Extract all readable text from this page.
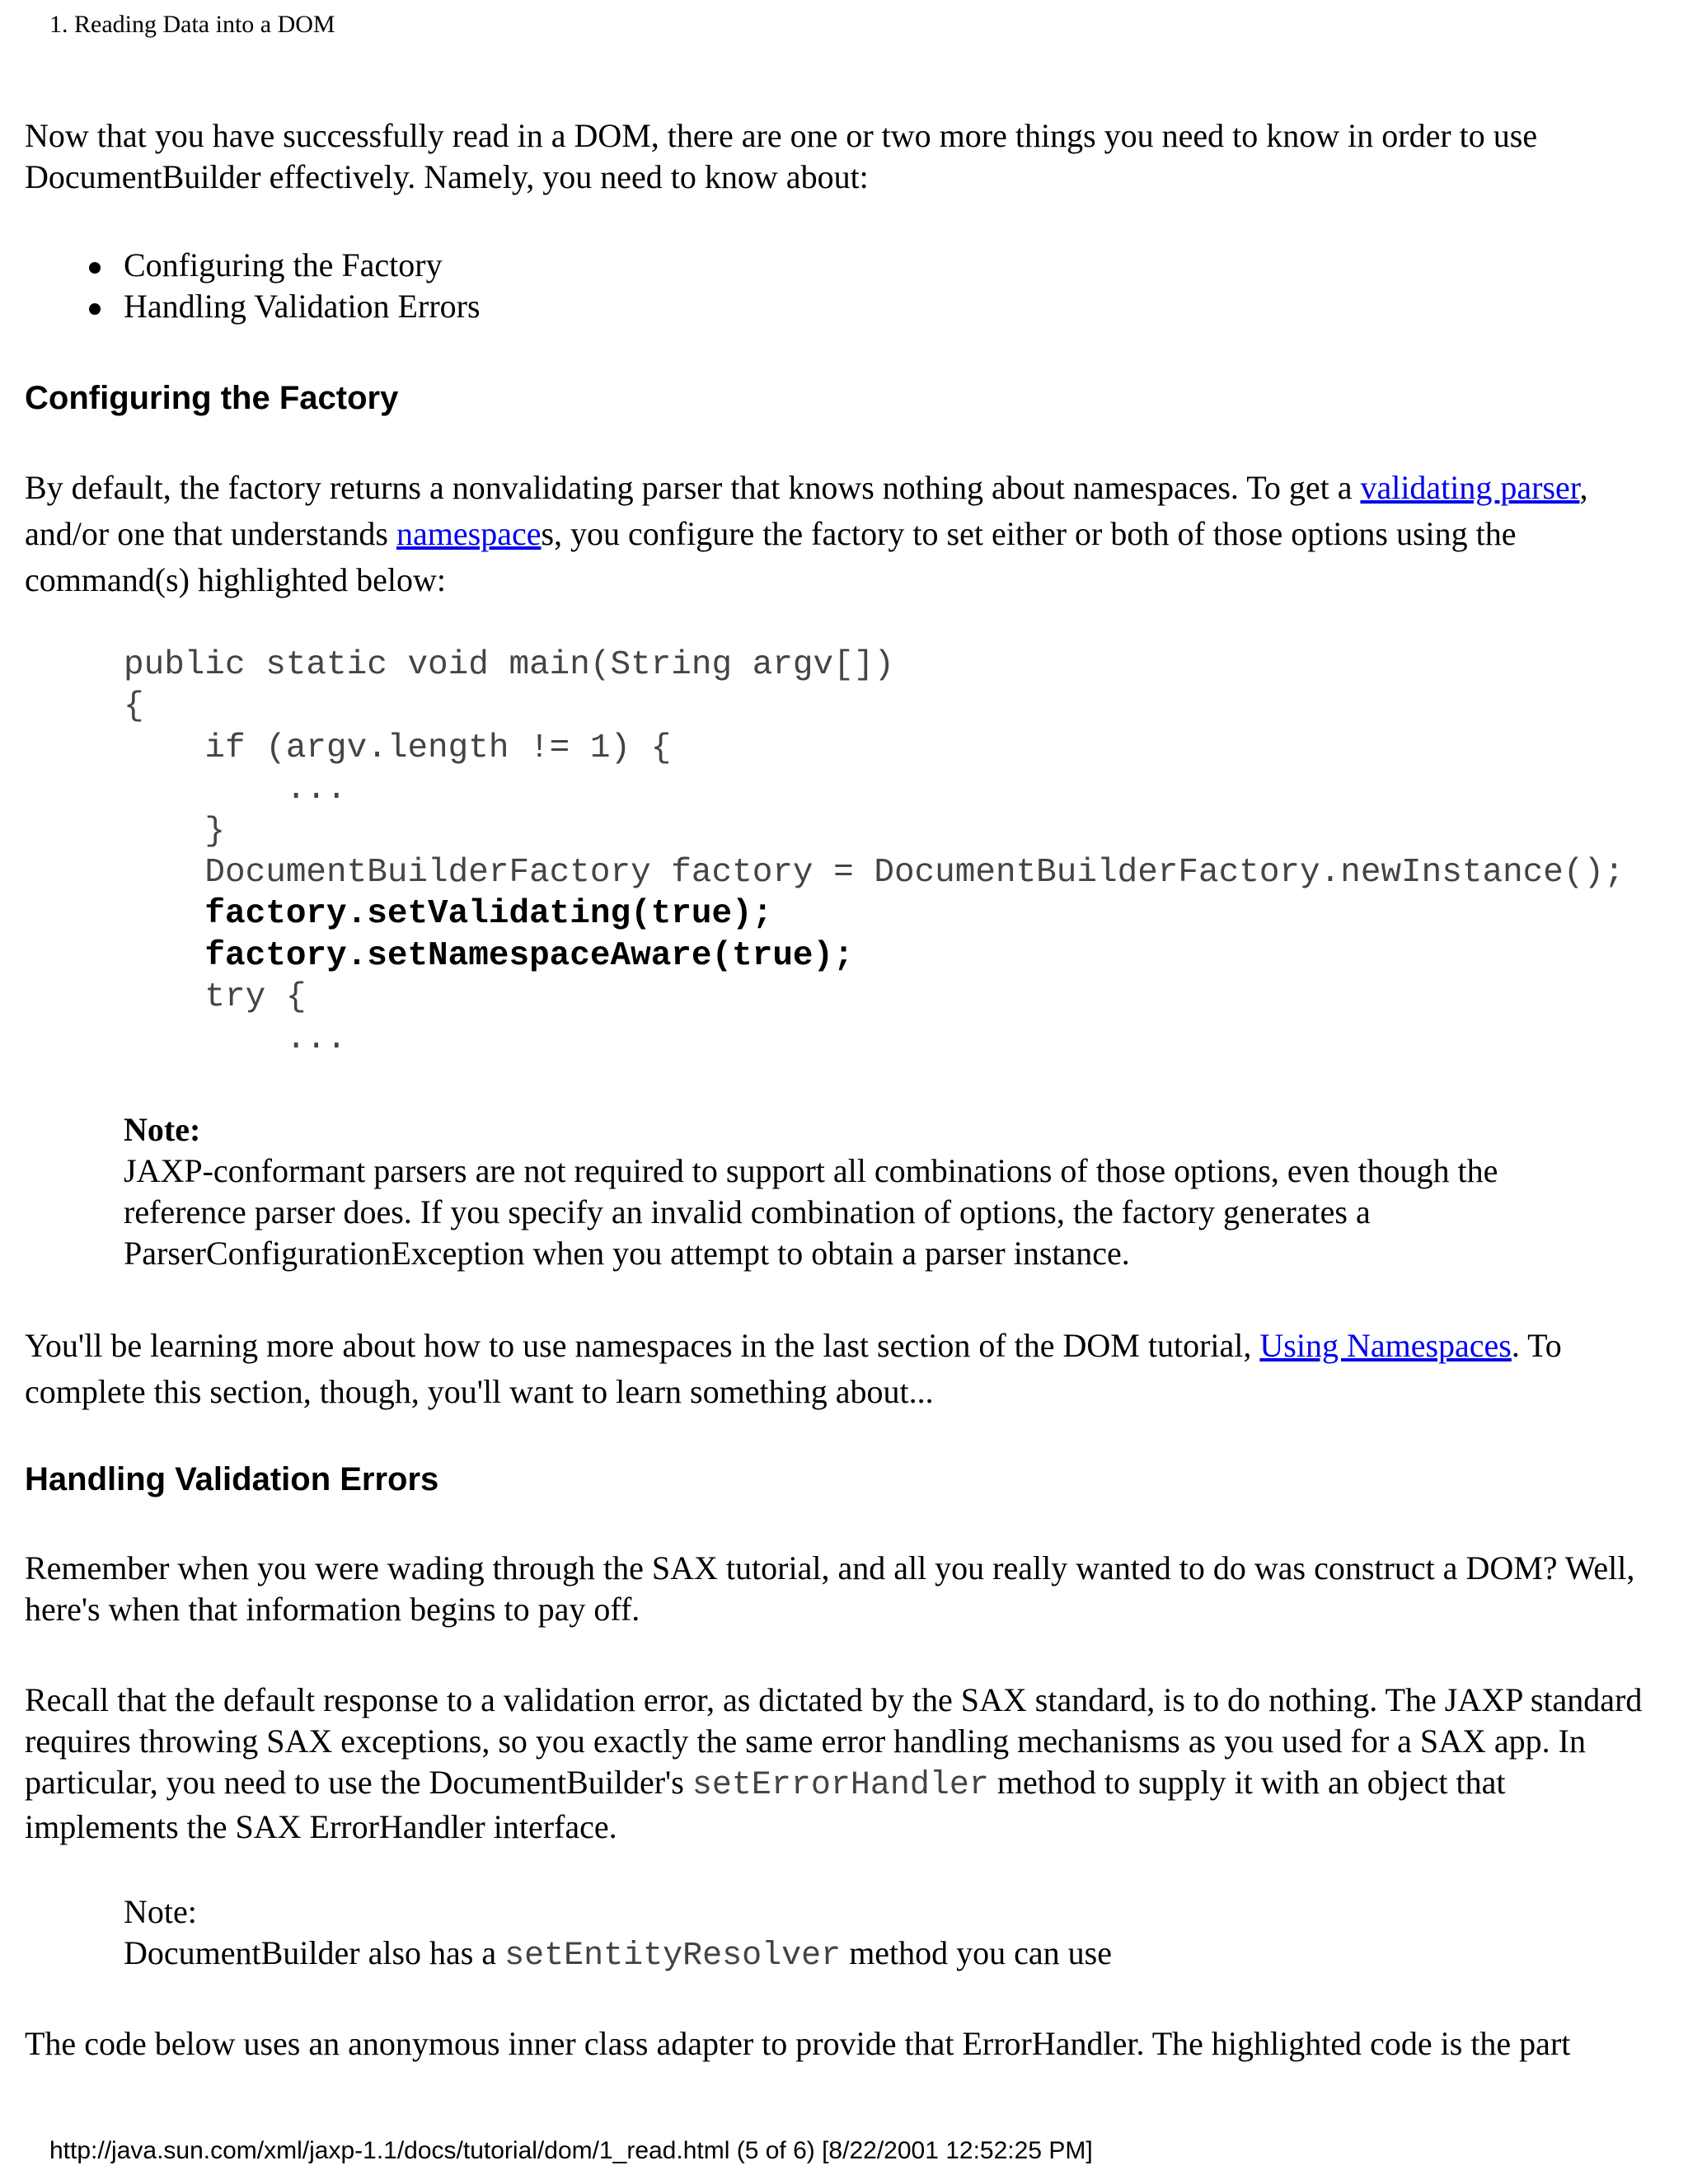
1. Reading Data into a DOM

Now that you have successfully read in a DOM, there are one or two more things you need to know in order to use DocumentBuilder effectively. Namely, you need to know about:

Configuring the Factory
Handling Validation Errors
Configuring the Factory

By default, the factory returns a nonvalidating parser that knows nothing about namespaces. To get a validating parser, and/or one that understands namespaces, you configure the factory to set either or both of those options using the command(s) highlighted below:

public static void main(String argv[])
{
if (argv.length != 1) {
...
}
DocumentBuilderFactory factory = DocumentBuilderFactory.newInstance();
factory.setValidating(true);
factory.setNamespaceAware(true);
try {
...
Note:
JAXP-conformant parsers are not required to support all combinations of those options, even though the reference parser does. If you specify an invalid combination of options, the factory generates a ParserConfigurationException when you attempt to obtain a parser instance.

You'll be learning more about how to use namespaces in the last section of the DOM tutorial, Using Namespaces. To complete this section, though, you'll want to learn something about...

Handling Validation Errors

Remember when you were wading through the SAX tutorial, and all you really wanted to do was construct a DOM? Well, here's when that information begins to pay off.

Recall that the default response to a validation error, as dictated by the SAX standard, is to do nothing. The JAXP standard requires throwing SAX exceptions, so you exactly the same error handling mechanisms as you used for a SAX app. In particular, you need to use the DocumentBuilder's setErrorHandler method to supply it with an object that implements the SAX ErrorHandler interface.

Note:
DocumentBuilder also has a setEntityResolver method you can use

The code below uses an anonymous inner class adapter to provide that ErrorHandler. The highlighted code is the part

http://java.sun.com/xml/jaxp-1.1/docs/tutorial/dom/1_read.html (5 of 6) [8/22/2001 12:52:25 PM]
